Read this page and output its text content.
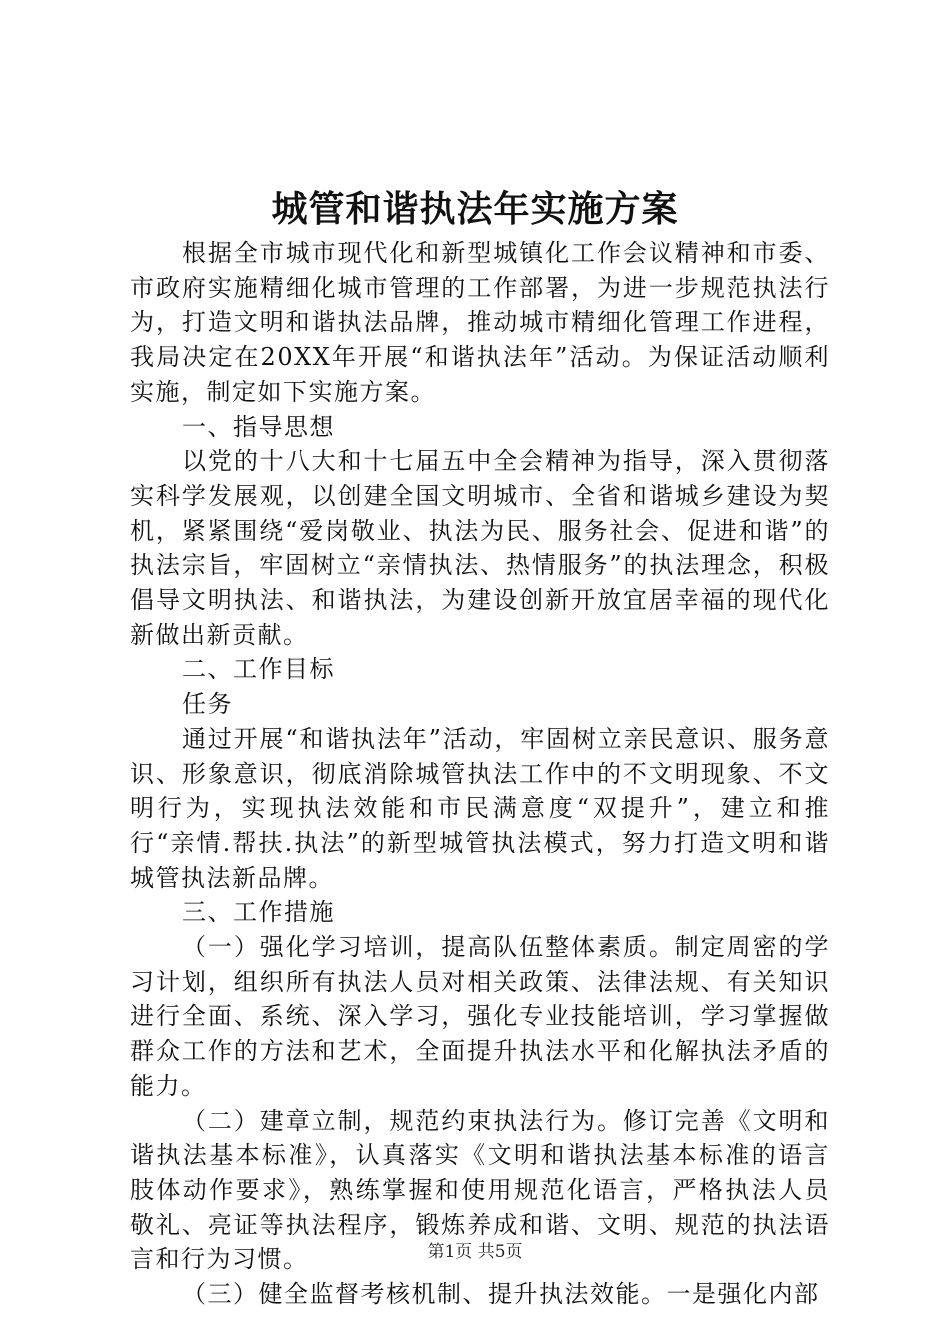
城管和谐执法年实施方案

根据全市城市现代化和新型城镇化工作会议精神和市委、市政府实施精细化城市管理的工作部署，为进一步规范执法行为，打造文明和谐执法品牌，推动城市精细化管理工作进程，我局决定在20XX年开展“和谐执法年”活动。为保证活动顺利实施，制定如下实施方案。

一、指导思想

以党的十八大和十七届五中全会精神为指导，深入贯彻落实科学发展观，以创建全国文明城市、全省和谐城乡建设为契机，紧紧围绕“爱岗敬业、执法为民、服务社会、促进和谐”的执法宗旨，牢固树立“亲情执法、热情服务”的执法理念，积极倡导文明执法、和谐执法，为建设创新开放宜居幸福的现代化新做出新贡献。

二、工作目标

任务

通过开展“和谐执法年”活动，牢固树立亲民意识、服务意识、形象意识，彻底消除城管执法工作中的不文明现象、不文明行为，实现执法效能和市民满意度“双提升”，建立和推行“亲情.帮扶.执法”的新型城管执法模式，努力打造文明和谐城管执法新品牌。

三、工作措施

（一）强化学习培训，提高队伍整体素质。制定周密的学习计划，组织所有执法人员对相关政策、法律法规、有关知识进行全面、系统、深入学习，强化专业技能培训，学习掌握做群众工作的方法和艺术，全面提升执法水平和化解执法矛盾的能力。

（二）建章立制，规范约束执法行为。修订完善《文明和谐执法基本标准》，认真落实《文明和谐执法基本标准的语言肢体动作要求》，熟练掌握和使用规范化语言，严格执法人员敬礼、亮证等执法程序，锻炼养成和谐、文明、规范的执法语言和行为习惯。

（三）健全监督考核机制、提升执法效能。一是强化内部

第1页 共5页
